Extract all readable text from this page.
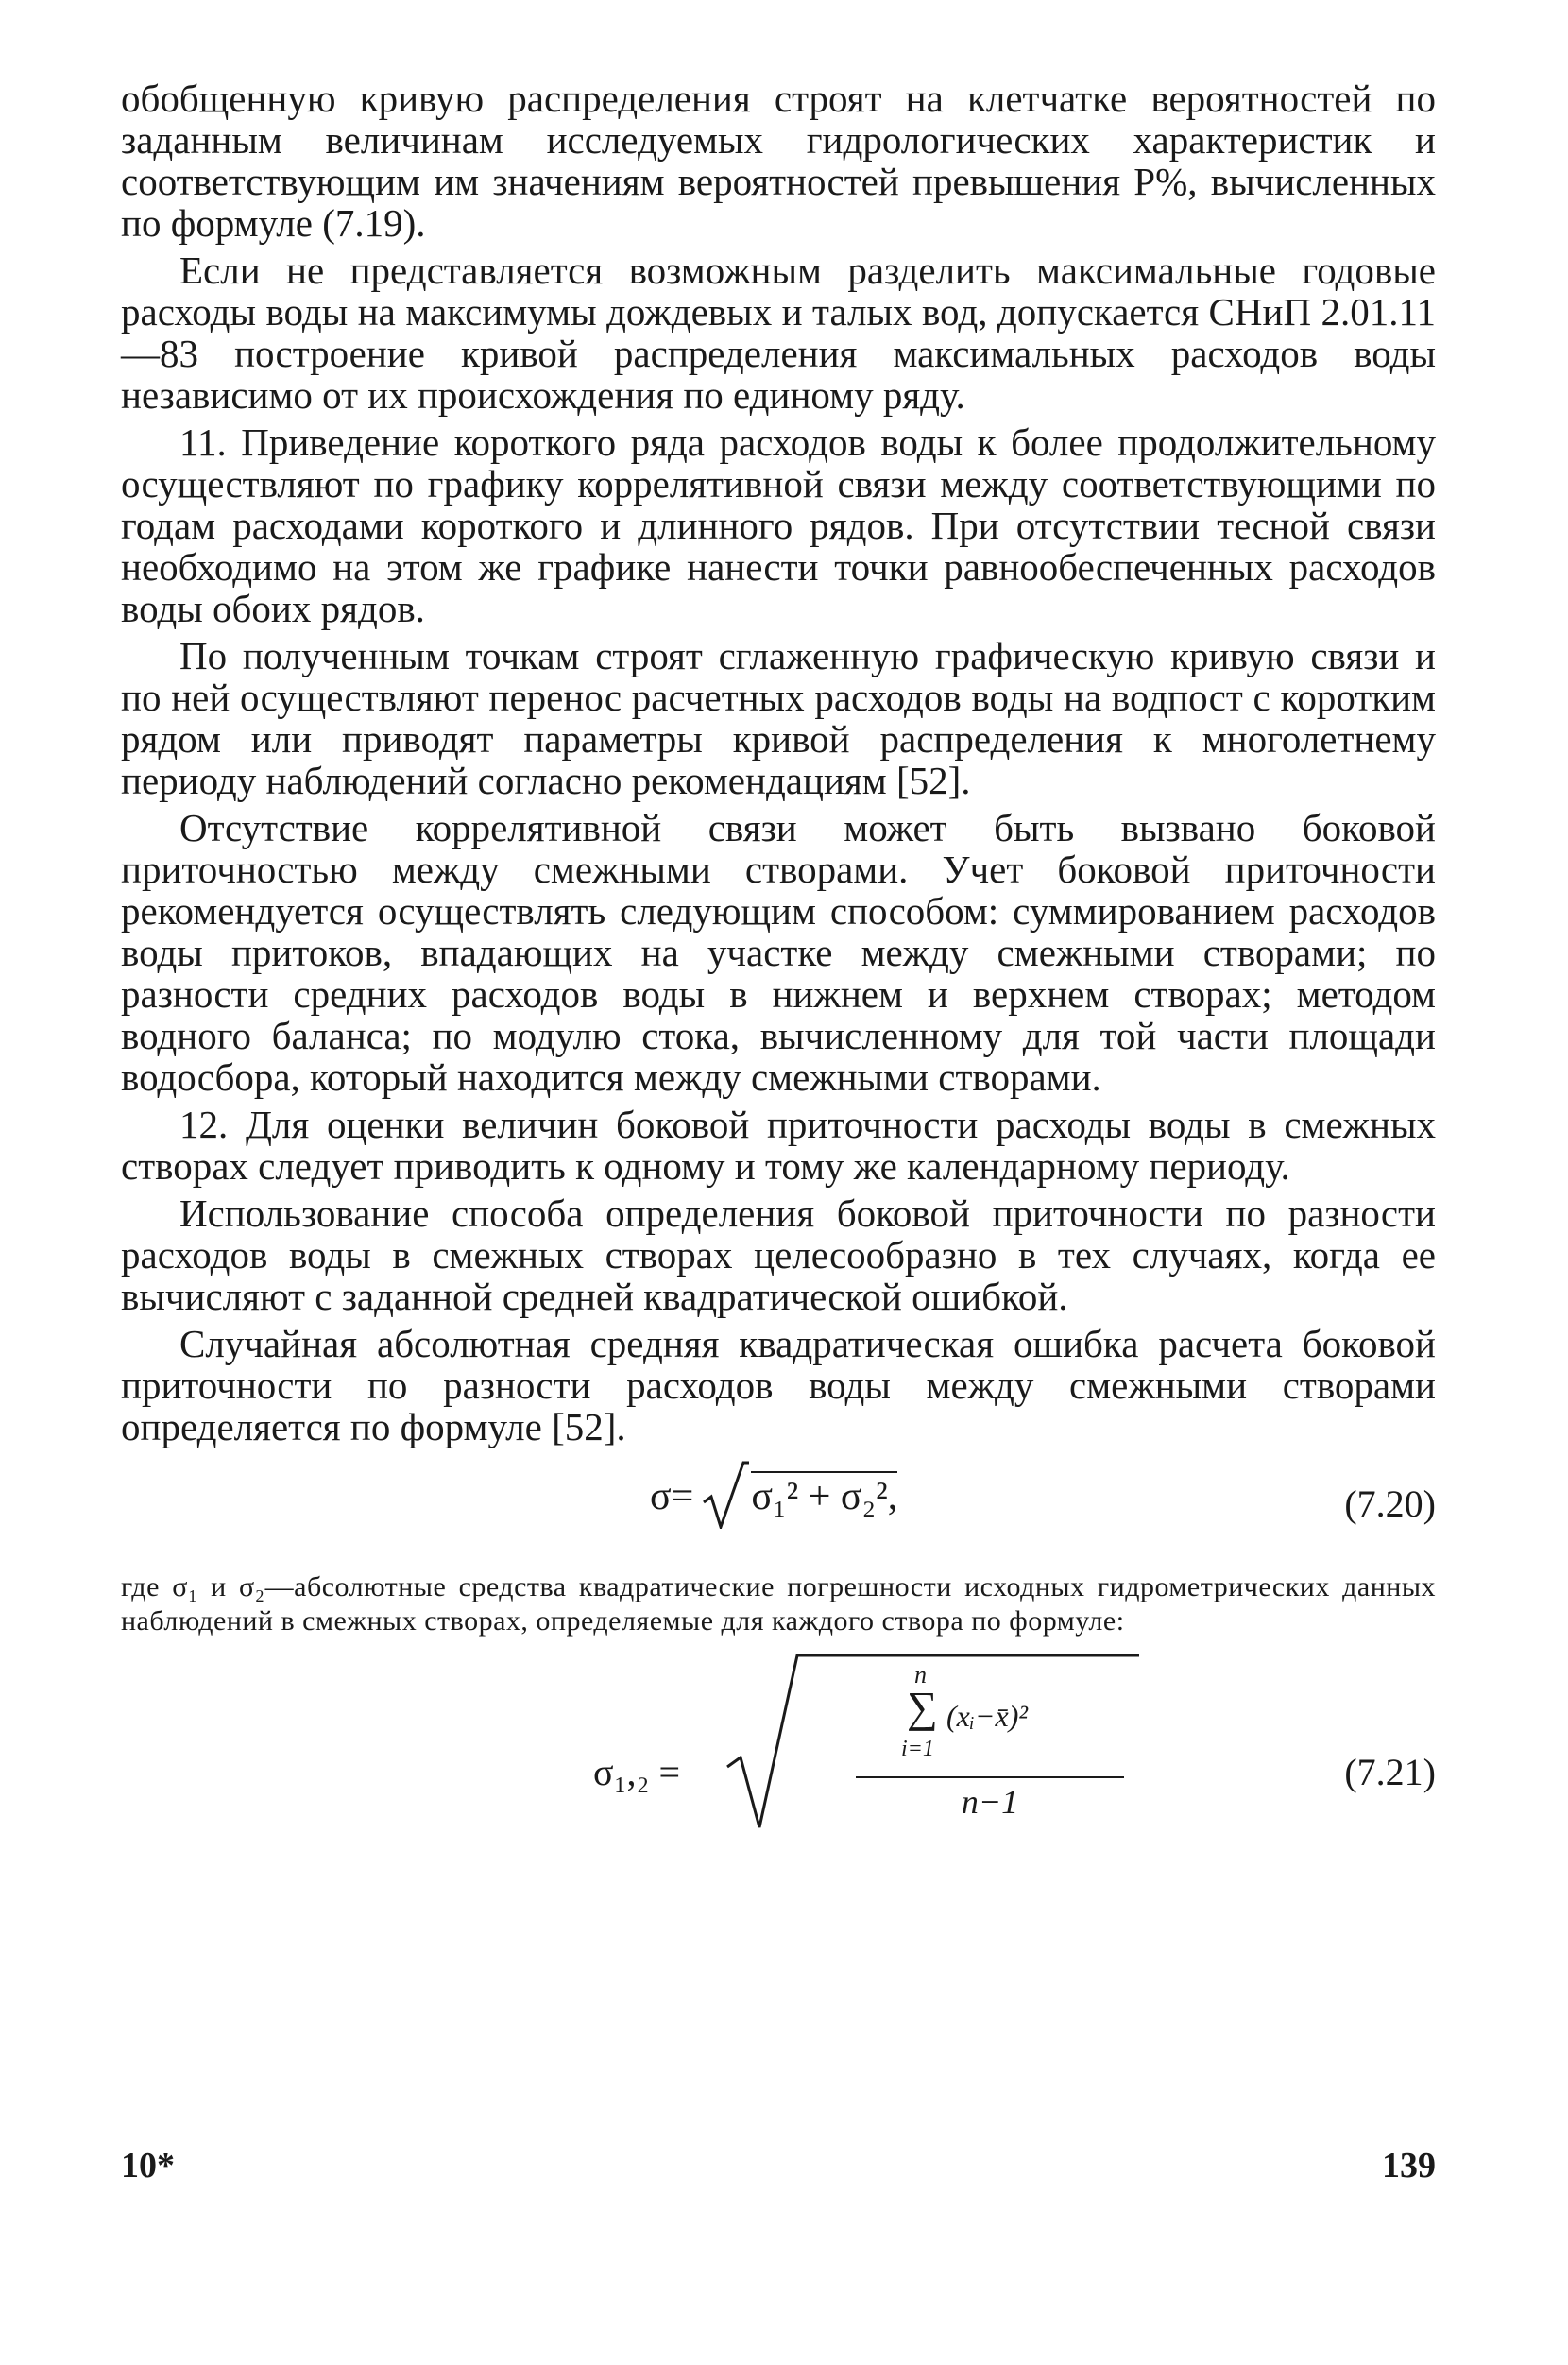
обобщенную кривую распределения строят на клетчатке вероятностей по заданным величинам исследуемых гидрологических характеристик и соответствующим им значениям вероятностей превышения P%, вычисленных по формуле (7.19).

Если не представляется возможным разделить максимальные годовые расходы воды на максимумы дождевых и талых вод, допускается СНиП 2.01.11—83 построение кривой распределения максимальных расходов воды независимо от их происхождения по единому ряду.

11. Приведение короткого ряда расходов воды к более продолжительному осуществляют по графику коррелятивной связи между соответствующими по годам расходами короткого и длинного рядов. При отсутствии тесной связи необходимо на этом же графике нанести точки равнообеспеченных расходов воды обоих рядов.

По полученным точкам строят сглаженную графическую кривую связи и по ней осуществляют перенос расчетных расходов воды на водпост с коротким рядом или приводят параметры кривой распределения к многолетнему периоду наблюдений согласно рекомендациям [52].

Отсутствие коррелятивной связи может быть вызвано боковой приточностью между смежными створами. Учет боковой приточности рекомендуется осуществлять следующим способом: суммированием расходов воды притоков, впадающих на участке между смежными створами; по разности средних расходов воды в нижнем и верхнем створах; методом водного баланса; по модулю стока, вычисленному для той части площади водосбора, который находится между смежными створами.

12. Для оценки величин боковой приточности расходы воды в смежных створах следует приводить к одному и тому же календарному периоду.

Использование способа определения боковой приточности по разности расходов воды в смежных створах целесообразно в тех случаях, когда ее вычисляют с заданной средней квадратической ошибкой.

Случайная абсолютная средняя квадратическая ошибка расчета боковой приточности по разности расходов воды между смежными створами определяется по формуле [52].

σ= σ₁² + σ₂²,	(7.20)
где σ₁ и σ₂—абсолютные средства квадратические погрешности исходных гидрометрических данных наблюдений в смежных створах, определяемые для каждого створа по формуле:
σ₁,₂ =
n
∑ (xᵢ−x̄)²
i=1
n−1
(7.21)
10*	139
